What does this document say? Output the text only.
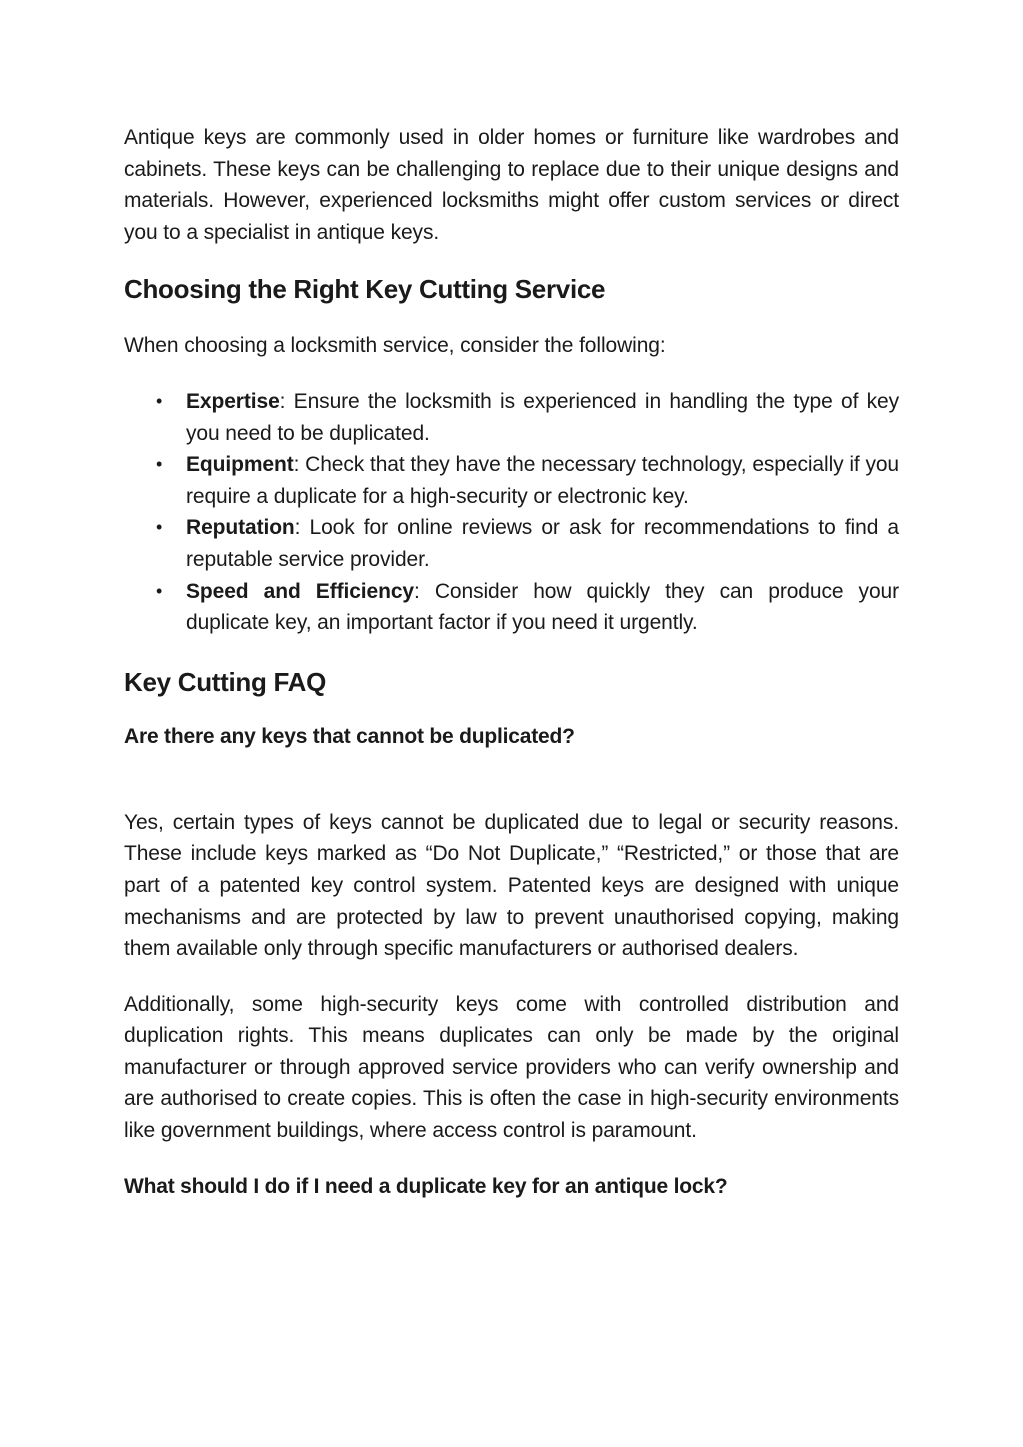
Antique keys are commonly used in older homes or furniture like wardrobes and cabinets. These keys can be challenging to replace due to their unique designs and materials. However, experienced locksmiths might offer custom services or direct you to a specialist in antique keys.

Choosing the Right Key Cutting Service

When choosing a locksmith service, consider the following:

• Expertise: Ensure the locksmith is experienced in handling the type of key you need to be duplicated.
• Equipment: Check that they have the necessary technology, especially if you require a duplicate for a high-security or electronic key.
• Reputation: Look for online reviews or ask for recommendations to find a reputable service provider.
• Speed and Efficiency: Consider how quickly they can produce your duplicate key, an important factor if you need it urgently.
Key Cutting FAQ
Are there any keys that cannot be duplicated?

Yes, certain types of keys cannot be duplicated due to legal or security reasons. These include keys marked as “Do Not Duplicate,” “Restricted,” or those that are part of a patented key control system. Patented keys are designed with unique mechanisms and are protected by law to prevent unauthorised copying, making them available only through specific manufacturers or authorised dealers.

Additionally, some high-security keys come with controlled distribution and duplication rights. This means duplicates can only be made by the original manufacturer or through approved service providers who can verify ownership and are authorised to create copies. This is often the case in high-security environments like government buildings, where access control is paramount.

What should I do if I need a duplicate key for an antique lock?
